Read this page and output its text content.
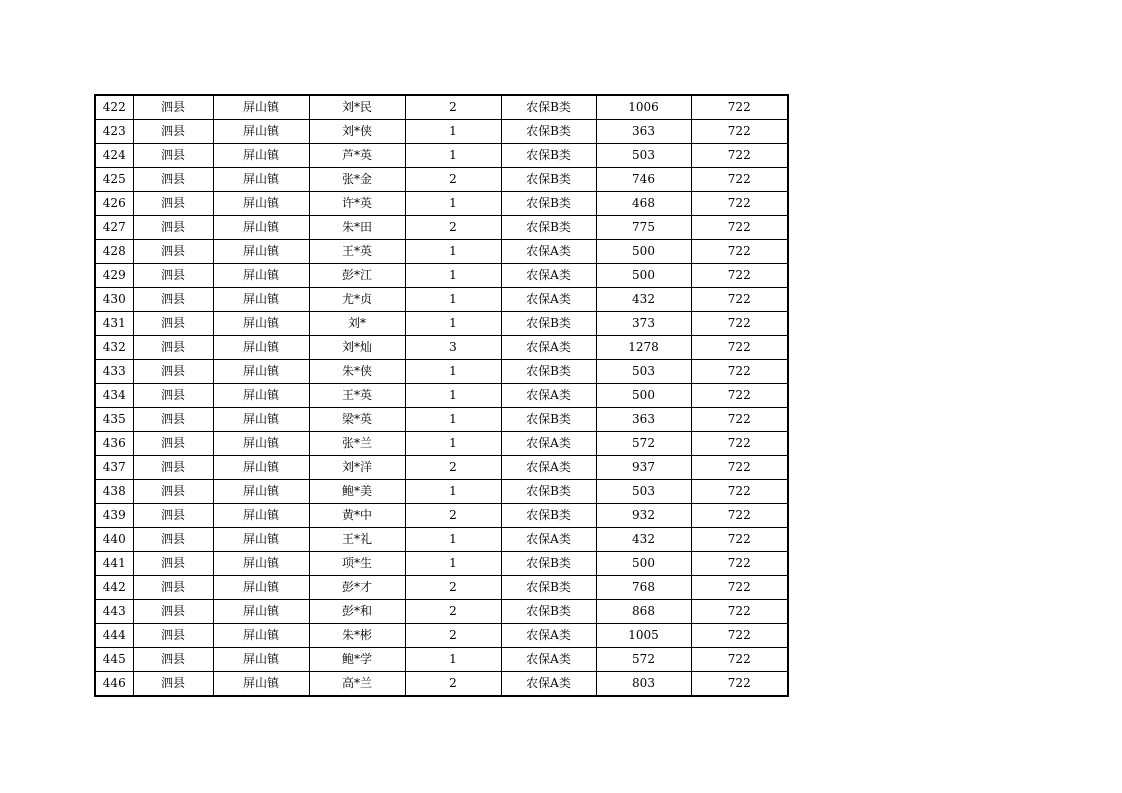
422	泗县	屏山镇	刘*民	2	农保B类	1006	722
423	泗县	屏山镇	刘*侠	1	农保B类	363	722
424	泗县	屏山镇	芦*英	1	农保B类	503	722
425	泗县	屏山镇	张*金	2	农保B类	746	722
426	泗县	屏山镇	许*英	1	农保B类	468	722
427	泗县	屏山镇	朱*田	2	农保B类	775	722
428	泗县	屏山镇	王*英	1	农保A类	500	722
429	泗县	屏山镇	彭*江	1	农保A类	500	722
430	泗县	屏山镇	尤*贞	1	农保A类	432	722
431	泗县	屏山镇	刘*	1	农保B类	373	722
432	泗县	屏山镇	刘*灿	3	农保A类	1278	722
433	泗县	屏山镇	朱*侠	1	农保B类	503	722
434	泗县	屏山镇	王*英	1	农保A类	500	722
435	泗县	屏山镇	梁*英	1	农保B类	363	722
436	泗县	屏山镇	张*兰	1	农保A类	572	722
437	泗县	屏山镇	刘*洋	2	农保A类	937	722
438	泗县	屏山镇	鲍*美	1	农保B类	503	722
439	泗县	屏山镇	黄*中	2	农保B类	932	722
440	泗县	屏山镇	王*礼	1	农保A类	432	722
441	泗县	屏山镇	项*生	1	农保B类	500	722
442	泗县	屏山镇	彭*才	2	农保B类	768	722
443	泗县	屏山镇	彭*和	2	农保B类	868	722
444	泗县	屏山镇	朱*彬	2	农保A类	1005	722
445	泗县	屏山镇	鲍*学	1	农保A类	572	722
446	泗县	屏山镇	高*兰	2	农保A类	803	722
